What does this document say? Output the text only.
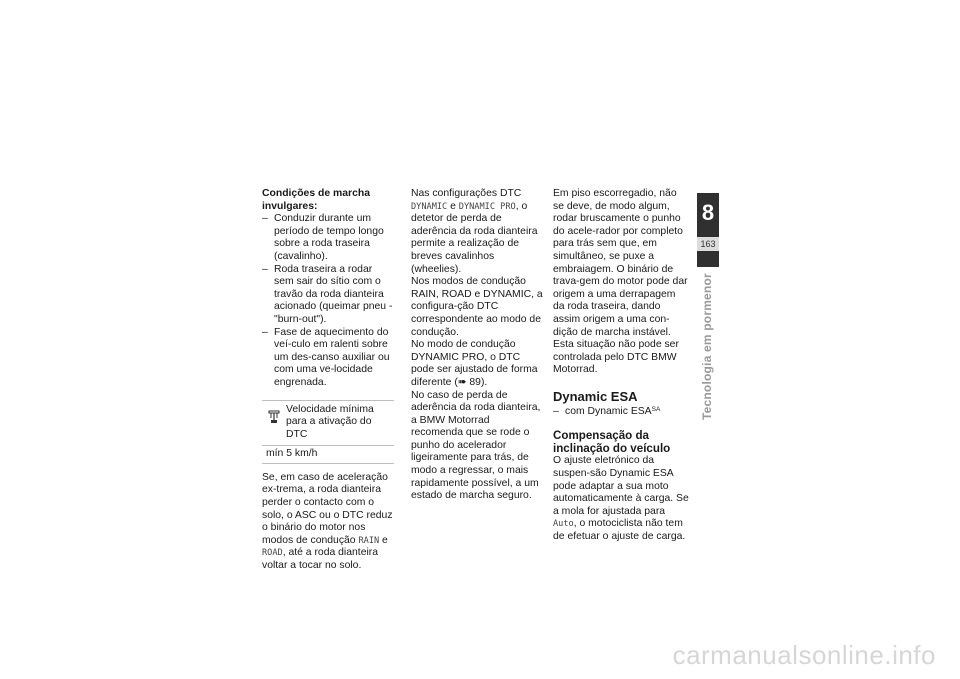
Condições de marcha invulgares:
– Conduzir durante um período de tempo longo sobre a roda traseira (cavalinho).
– Roda traseira a rodar sem sair do sítio com o travão da roda dianteira acionado (queimar pneu - "burn-out").
– Fase de aquecimento do veí-culo em ralenti sobre um des-canso auxiliar ou com uma ve-locidade engrenada.
Velocidade mínima para a ativação do DTC
mín 5 km/h

Se, em caso de aceleração ex-trema, a roda dianteira perder o contacto com o solo, o ASC ou o DTC reduz o binário do motor nos modos de condução RAIN e ROAD, até a roda dianteira voltar a tocar no solo.

Nas configurações DTC DYNAMIC e DYNAMIC PRO, o detetor de perda de aderência da roda dianteira permite a realização de breves cavalinhos (wheelies).
Nos modos de condução RAIN, ROAD e DYNAMIC, a configura-ção DTC correspondente ao modo de condução.
No modo de condução DYNAMIC PRO, o DTC pode ser ajustado de forma diferente (➠ 89).
No caso de perda de aderência da roda dianteira, a BMW Motorrad recomenda que se rode o punho do acelerador ligeiramente para trás, de modo a regressar, o mais rapidamente possível, a um estado de marcha seguro.
Em piso escorregadio, não se deve, de modo algum, rodar bruscamente o punho do acele-rador por completo para trás sem que, em simultâneo, se puxe a embraiagem. O binário de trava-gem do motor pode dar origem a uma derrapagem da roda traseira, dando assim origem a uma con-dição de marcha instável. Esta situação não pode ser controlada pelo DTC BMW Motorrad.
Dynamic ESA
– com Dynamic $ESA^{SA}$
Compensação da inclinação do veículo
O ajuste eletrónico da suspen-são Dynamic ESA pode adaptar a sua moto automaticamente à carga. Se a mola for ajustada para Auto, o motociclista não tem de efetuar o ajuste de carga.
8
163
Tecnologia em pormenor
carmanualsonline.info
